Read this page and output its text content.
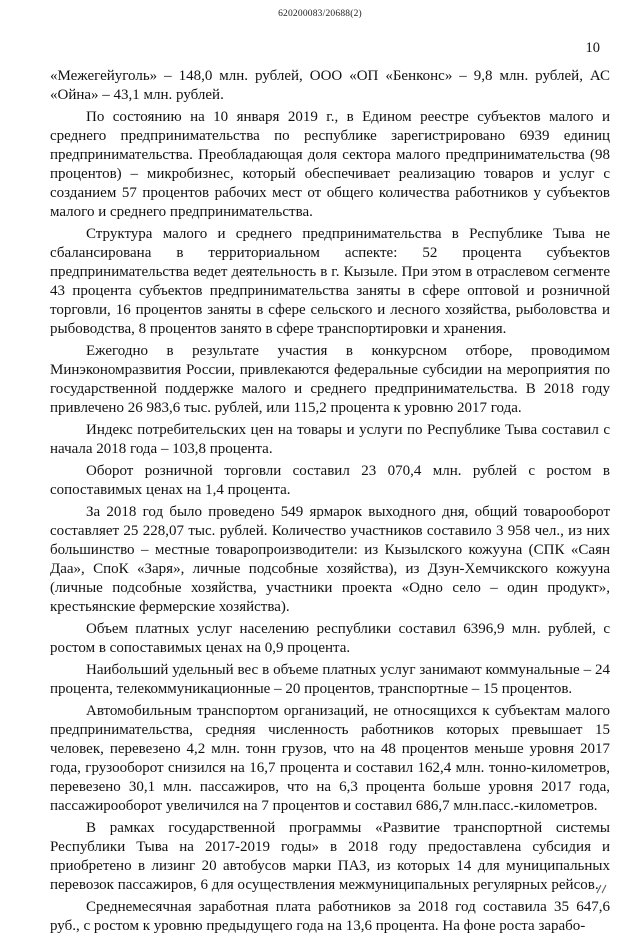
620200083/20688(2)
10

«Межегейуголь» – 148,0 млн. рублей, ООО «ОП «Бенконс» – 9,8 млн. рублей, АС «Ойна» – 43,1 млн. рублей.

По состоянию на 10 января 2019 г., в Едином реестре субъектов малого и среднего предпринимательства по республике зарегистрировано 6939 единиц предпринимательства. Преобладающая доля сектора малого предпринимательства (98 процентов) – микробизнес, который обеспечивает реализацию товаров и услуг с созданием 57 процентов рабочих мест от общего количества работников у субъектов малого и среднего предпринимательства.

Структура малого и среднего предпринимательства в Республике Тыва не сбалансирована в территориальном аспекте: 52 процента субъектов предпринимательства ведет деятельность в г. Кызыле. При этом в отраслевом сегменте 43 процента субъектов предпринимательства заняты в сфере оптовой и розничной торговли, 16 процентов заняты в сфере сельского и лесного хозяйства, рыболовства и рыбоводства, 8 процентов занято в сфере транспортировки и хранения.

Ежегодно в результате участия в конкурсном отборе, проводимом Минэкономразвития России, привлекаются федеральные субсидии на мероприятия по государственной поддержке малого и среднего предпринимательства. В 2018 году привлечено 26 983,6 тыс. рублей, или 115,2 процента к уровню 2017 года.

Индекс потребительских цен на товары и услуги по Республике Тыва составил с начала 2018 года – 103,8 процента.

Оборот розничной торговли составил 23 070,4 млн. рублей с ростом в сопоставимых ценах на 1,4 процента.

За 2018 год было проведено 549 ярмарок выходного дня, общий товарооборот составляет 25 228,07 тыс. рублей. Количество участников составило 3 958 чел., из них большинство – местные товаропроизводители: из Кызылского кожууна (СПК «Саян Даа», СпоК «Заря», личные подсобные хозяйства), из Дзун-Хемчикского кожууна (личные подсобные хозяйства, участники проекта «Одно село – один продукт», крестьянские фермерские хозяйства).

Объем платных услуг населению республики составил 6396,9 млн. рублей, с ростом в сопоставимых ценах на 0,9 процента.

Наибольший удельный вес в объеме платных услуг занимают коммунальные – 24 процента, телекоммуникационные – 20 процентов, транспортные – 15 процентов.

Автомобильным транспортом организаций, не относящихся к субъектам малого предпринимательства, средняя численность работников которых превышает 15 человек, перевезено 4,2 млн. тонн грузов, что на 48 процентов меньше уровня 2017 года, грузооборот снизился на 16,7 процента и составил 162,4 млн. тонно-километров, перевезено 30,1 млн. пассажиров, что на 6,3 процента больше уровня 2017 года, пассажирооборот увеличился на 7 процентов и составил 686,7 млн.пасс.-километров.

В рамках государственной программы «Развитие транспортной системы Республики Тыва на 2017-2019 годы» в 2018 году предоставлена субсидия и приобретено в лизинг 20 автобусов марки ПАЗ, из которых 14 для муниципальных перевозок пассажиров, 6 для осуществления межмуниципальных регулярных рейсов.

Среднемесячная заработная плата работников за 2018 год составила 35 647,6 руб., с ростом к уровню предыдущего года на 13,6 процента. На фоне роста зарабо-
